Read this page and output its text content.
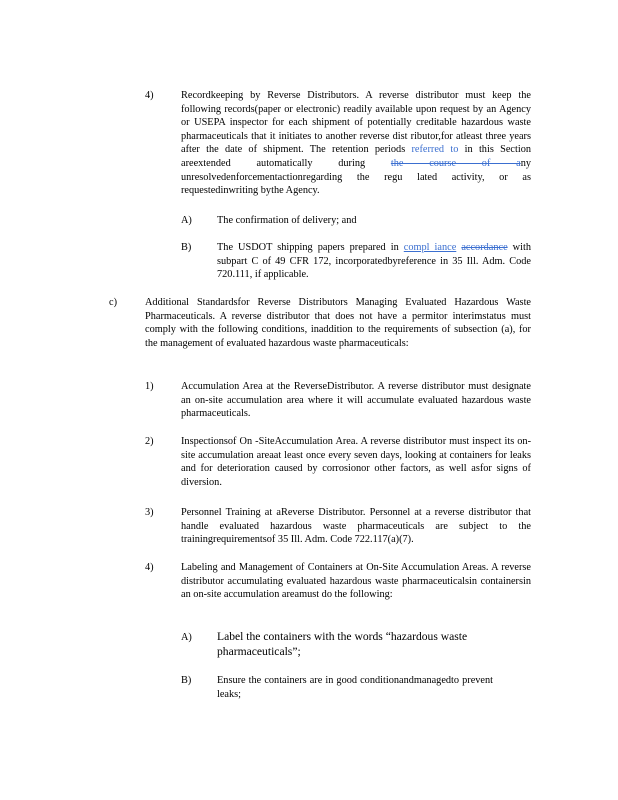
4)	Recordkeeping by Reverse Distributors. A reverse distributor must keep the following records(paper or electronic) readily available upon request by an Agency or USEPA inspector for each shipment of potentially creditable hazardous waste pharmaceuticals that it initiates to another reverse dist ributor,for atleast three years after the date of shipment. The retention periods referred to in this Section areextended automatically during the course of any unresolvedenforcementactionregarding the regu lated activity, or as requestedinwriting bythe Agency.
A) The confirmation of delivery; and
B) The USDOT shipping papers prepared in compl iance accordance with subpart C of 49 CFR 172, incorporatedbyreference in 35 Ill. Adm. Code 720.111, if applicable.
c)	Additional Standardsfor Reverse Distributors Managing Evaluated Hazardous Waste Pharmaceuticals. A reverse distributor that does not have a permitor interimstatus must comply with the following conditions, inaddition to the requirements of subsection (a), for the management of evaluated hazardous waste pharmaceuticals:
1)	Accumulation Area at the ReverseDistributor. A reverse distributor must designate an on-site accumulation area where it will accumulate evaluated hazardous waste pharmaceuticals.
2)	Inspectionsof On -SiteAccumulation Area. A reverse distributor must inspect its on-site accumulation areaat least once every seven days, looking at containers for leaks and for deterioration caused by corrosionor other factors, as well asfor signs of diversion.
3)	Personnel Training at aReverse Distributor. Personnel at a reverse distributor that handle evaluated hazardous waste pharmaceuticals are subject to the trainingrequirementsof 35 Ill. Adm. Code 722.117(a)(7).
4)	Labeling and Management of Containers at On-Site Accumulation Areas. A reverse distributor accumulating evaluated hazardous waste pharmaceuticalsin containersin an on-site accumulation areamust do the following:
A) Label the containers with the words “hazardous waste pharmaceuticals”;
B) Ensure the containers are in good conditionandmanagedto prevent leaks;
